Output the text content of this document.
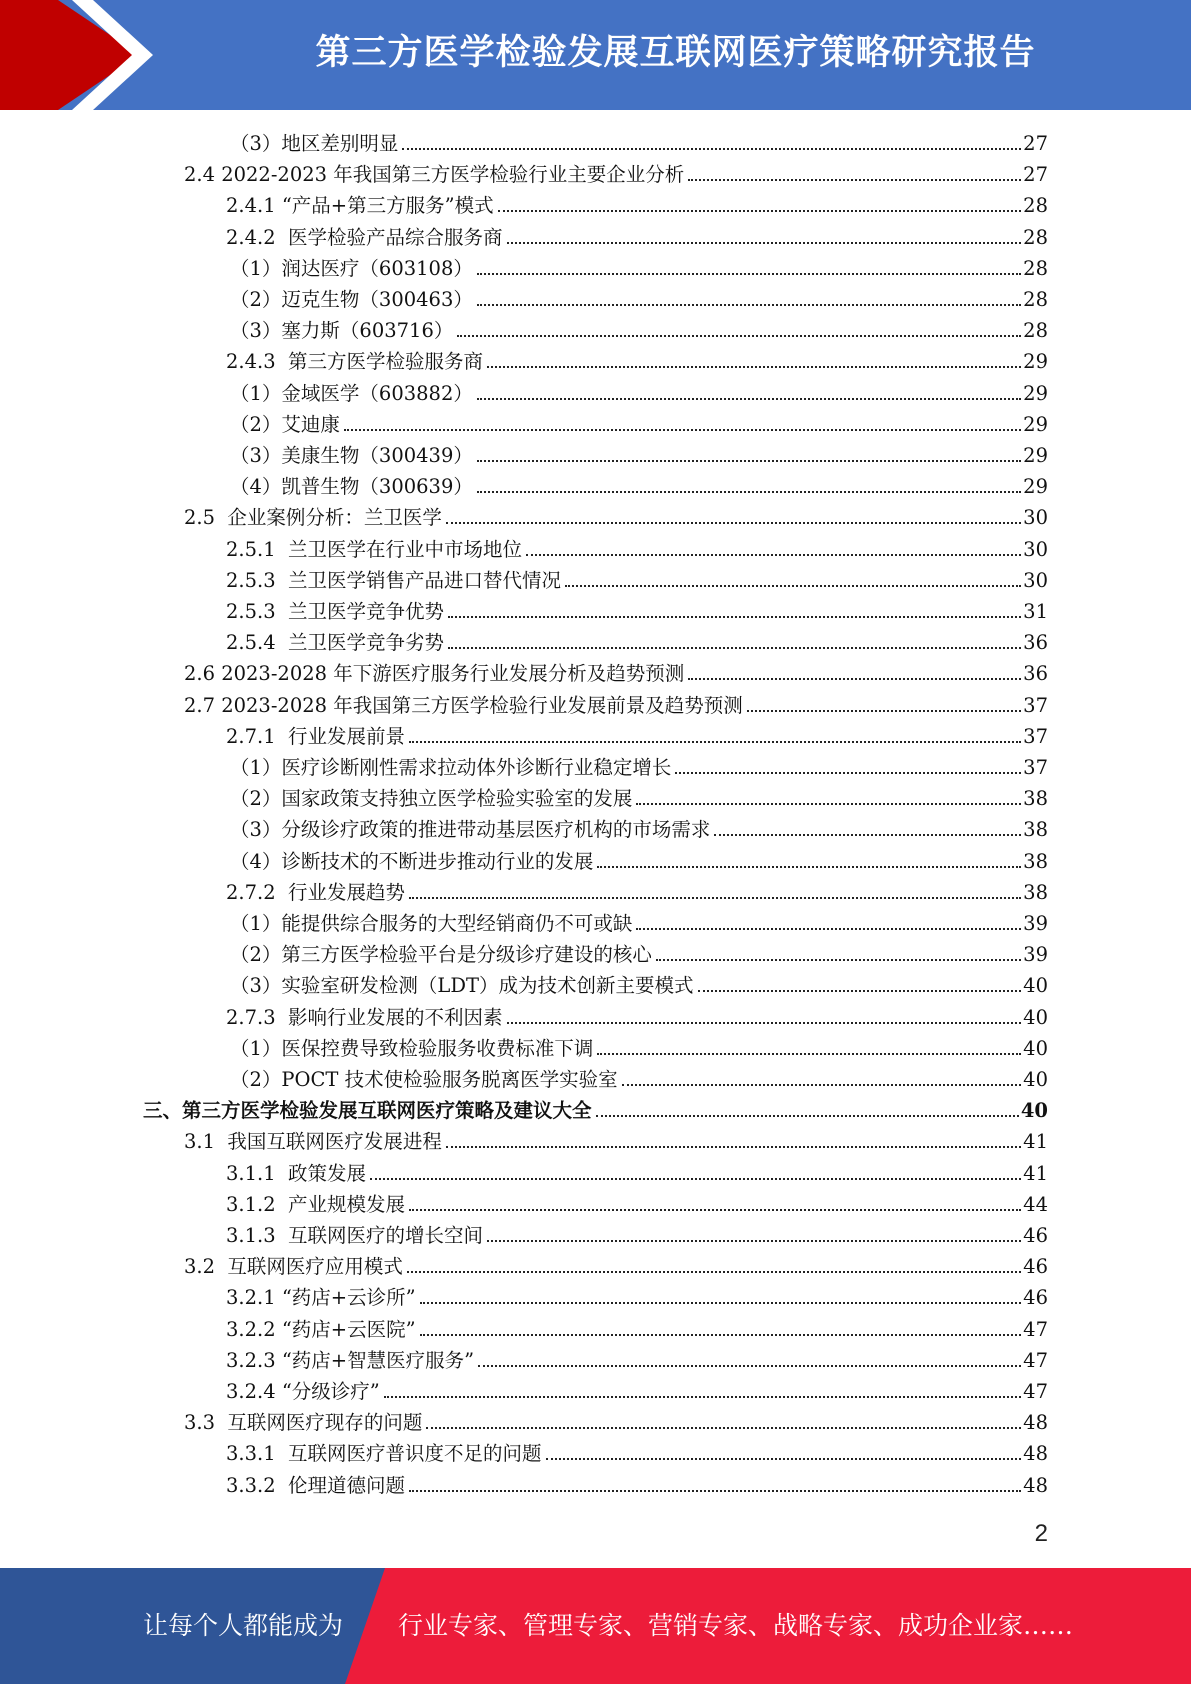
第三方医学检验发展互联网医疗策略研究报告
（3）地区差别明显	27
2.4 2022-2023 年我国第三方医学检验行业主要企业分析	27
2.4.1 “产品+第三方服务”模式	28
2.4.2  医学检验产品综合服务商	28
（1）润达医疗（603108）	28
（2）迈克生物（300463）	28
（3）塞力斯（603716）	28
2.4.3  第三方医学检验服务商	29
（1）金域医学（603882）	29
（2）艾迪康	29
（3）美康生物（300439）	29
（4）凯普生物（300639）	29
2.5  企业案例分析：兰卫医学	30
2.5.1  兰卫医学在行业中市场地位	30
2.5.3  兰卫医学销售产品进口替代情况	30
2.5.3  兰卫医学竞争优势	31
2.5.4  兰卫医学竞争劣势	36
2.6 2023-2028 年下游医疗服务行业发展分析及趋势预测	36
2.7 2023-2028 年我国第三方医学检验行业发展前景及趋势预测	37
2.7.1  行业发展前景	37
（1）医疗诊断刚性需求拉动体外诊断行业稳定增长	37
（2）国家政策支持独立医学检验实验室的发展	38
（3）分级诊疗政策的推进带动基层医疗机构的市场需求	38
（4）诊断技术的不断进步推动行业的发展	38
2.7.2  行业发展趋势	38
（1）能提供综合服务的大型经销商仍不可或缺	39
（2）第三方医学检验平台是分级诊疗建设的核心	39
（3）实验室研发检测（LDT）成为技术创新主要模式	40
2.7.3  影响行业发展的不利因素	40
（1）医保控费导致检验服务收费标准下调	40
（2）POCT 技术使检验服务脱离医学实验室	40
三、第三方医学检验发展互联网医疗策略及建议大全	40
3.1  我国互联网医疗发展进程	41
3.1.1  政策发展	41
3.1.2  产业规模发展	44
3.1.3  互联网医疗的增长空间	46
3.2  互联网医疗应用模式	46
3.2.1 “药店+云诊所”	46
3.2.2 “药店+云医院”	47
3.2.3 “药店+智慧医疗服务”	47
3.2.4 “分级诊疗”	47
3.3  互联网医疗现存的问题	48
3.3.1  互联网医疗普识度不足的问题	48
3.3.2  伦理道德问题	48
2
让每个人都能成为 行业专家、管理专家、营销专家、战略专家、成功企业家……
